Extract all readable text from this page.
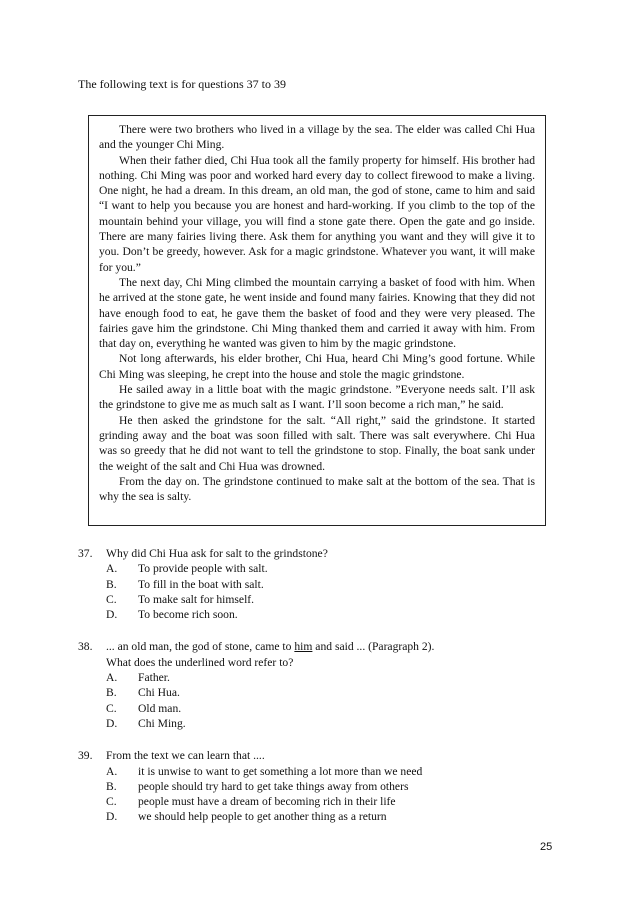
The following text is for questions 37 to 39

There were two brothers who lived in a village by the sea. The elder was called Chi Hua and the younger Chi Ming.

When their father died, Chi Hua took all the family property for himself. His brother had nothing. Chi Ming was poor and worked hard every day to collect firewood to make a living. One night, he had a dream. In this dream, an old man, the god of stone, came to him and said “I want to help you because you are honest and hard-working. If you climb to the top of the mountain behind your village, you will find a stone gate there. Open the gate and go inside. There are many fairies living there. Ask them for anything you want and they will give it to you. Don’t be greedy, however. Ask for a magic grindstone. Whatever you want, it will make for you.”

The next day, Chi Ming climbed the mountain carrying a basket of food with him. When he arrived at the stone gate, he went inside and found many fairies. Knowing that they did not have enough food to eat, he gave them the basket of food and they were very pleased. The fairies gave him the grindstone. Chi Ming thanked them and carried it away with him. From that day on, everything he wanted was given to him by the magic grindstone.

Not long afterwards, his elder brother, Chi Hua, heard Chi Ming’s good fortune. While Chi Ming was sleeping, he crept into the house and stole the magic grindstone.

He sailed away in a little boat with the magic grindstone. ”Everyone needs salt. I’ll ask the grindstone to give me as much salt as I want. I’ll soon become a rich man,” he said.

He then asked the grindstone for the salt. “All right,” said the grindstone. It started grinding away and the boat was soon filled with salt. There was salt everywhere. Chi Hua was so greedy that he did not want to tell the grindstone to stop. Finally, the boat sank under the weight of the salt and Chi Hua was drowned.

From the day on. The grindstone continued to make salt at the bottom of the sea. That is why the sea is salty.

37. Why did Chi Hua ask for salt to the grindstone?
A.	To provide people with salt.
B.	To fill in the boat with salt.
C.	To make salt for himself.
D.	To become rich soon.
38. ... an old man, the god of stone, came to him and said ... (Paragraph 2).
What does the underlined word refer to?
A.	Father.
B.	Chi Hua.
C.	Old man.
D.	Chi Ming.
39. From the text we can learn that ....
A.	it is unwise to want to get something a lot more than we need
B.	people should try hard to get take things away from others
C.	people must have a dream of becoming rich in their life
D.	we should help people to get another thing as a return
25
